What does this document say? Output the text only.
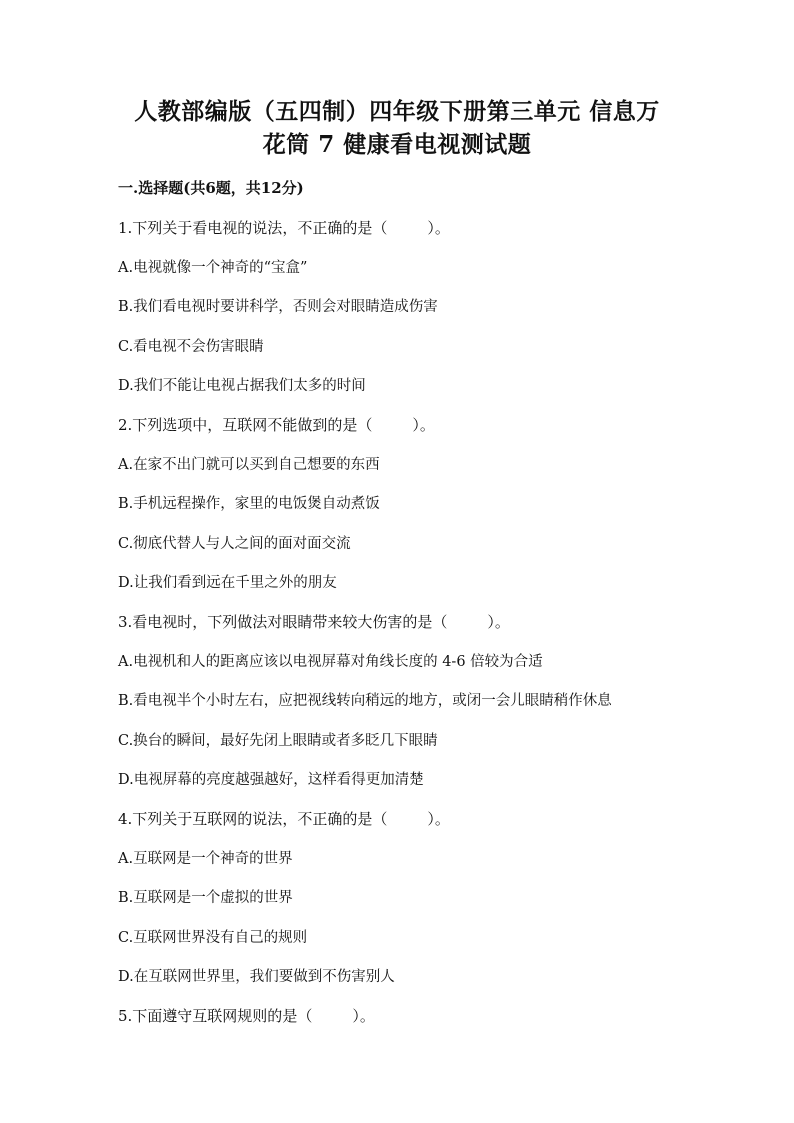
人教部编版（五四制）四年级下册第三单元 信息万
花筒 7 健康看电视测试题
一.选择题(共6题，共12分)
1.下列关于看电视的说法，不正确的是（	）。
A.电视就像一个神奇的“宝盒”
B.我们看电视时要讲科学，否则会对眼睛造成伤害
C.看电视不会伤害眼睛
D.我们不能让电视占据我们太多的时间
2.下列选项中，互联网不能做到的是（	）。
A.在家不出门就可以买到自己想要的东西
B.手机远程操作，家里的电饭煲自动煮饭
C.彻底代替人与人之间的面对面交流
D.让我们看到远在千里之外的朋友
3.看电视时，下列做法对眼睛带来较大伤害的是（	）。
A.电视机和人的距离应该以电视屏幕对角线长度的 4-6 倍较为合适
B.看电视半个小时左右，应把视线转向稍远的地方，或闭一会儿眼睛稍作休息
C.换台的瞬间，最好先闭上眼睛或者多眨几下眼睛
D.电视屏幕的亮度越强越好，这样看得更加清楚
4.下列关于互联网的说法，不正确的是（	）。
A.互联网是一个神奇的世界
B.互联网是一个虚拟的世界
C.互联网世界没有自己的规则
D.在互联网世界里，我们要做到不伤害别人
5.下面遵守互联网规则的是（	）。
